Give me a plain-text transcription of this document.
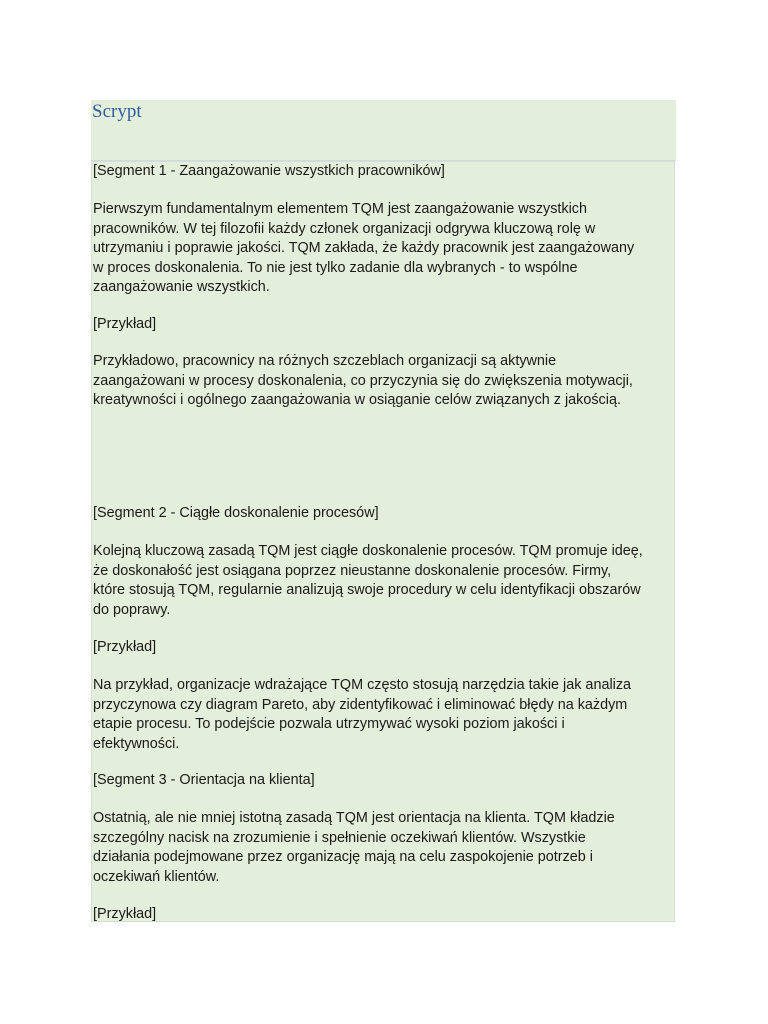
Scrypt
[Segment 1 - Zaangażowanie wszystkich pracowników]
Pierwszym fundamentalnym elementem TQM jest zaangażowanie wszystkich
pracowników. W tej filozofii każdy członek organizacji odgrywa kluczową rolę w
utrzymaniu i poprawie jakości. TQM zakłada, że każdy pracownik jest zaangażowany
w proces doskonalenia. To nie jest tylko zadanie dla wybranych - to wspólne
zaangażowanie wszystkich.
[Przykład]
Przykładowo, pracownicy na różnych szczeblach organizacji są aktywnie
zaangażowani w procesy doskonalenia, co przyczynia się do zwiększenia motywacji,
kreatywności i ogólnego zaangażowania w osiąganie celów związanych z jakością.
[Segment 2 - Ciągłe doskonalenie procesów]
Kolejną kluczową zasadą TQM jest ciągłe doskonalenie procesów. TQM promuje ideę,
że doskonałość jest osiągana poprzez nieustanne doskonalenie procesów. Firmy,
które stosują TQM, regularnie analizują swoje procedury w celu identyfikacji obszarów
do poprawy.
[Przykład]
Na przykład, organizacje wdrażające TQM często stosują narzędzia takie jak analiza
przyczynowa czy diagram Pareto, aby zidentyfikować i eliminować błędy na każdym
etapie procesu. To podejście pozwala utrzymywać wysoki poziom jakości i
efektywności.
[Segment 3 - Orientacja na klienta]
Ostatnią, ale nie mniej istotną zasadą TQM jest orientacja na klienta. TQM kładzie
szczególny nacisk na zrozumienie i spełnienie oczekiwań klientów. Wszystkie
działania podejmowane przez organizację mają na celu zaspokojenie potrzeb i
oczekiwań klientów.
[Przykład]
